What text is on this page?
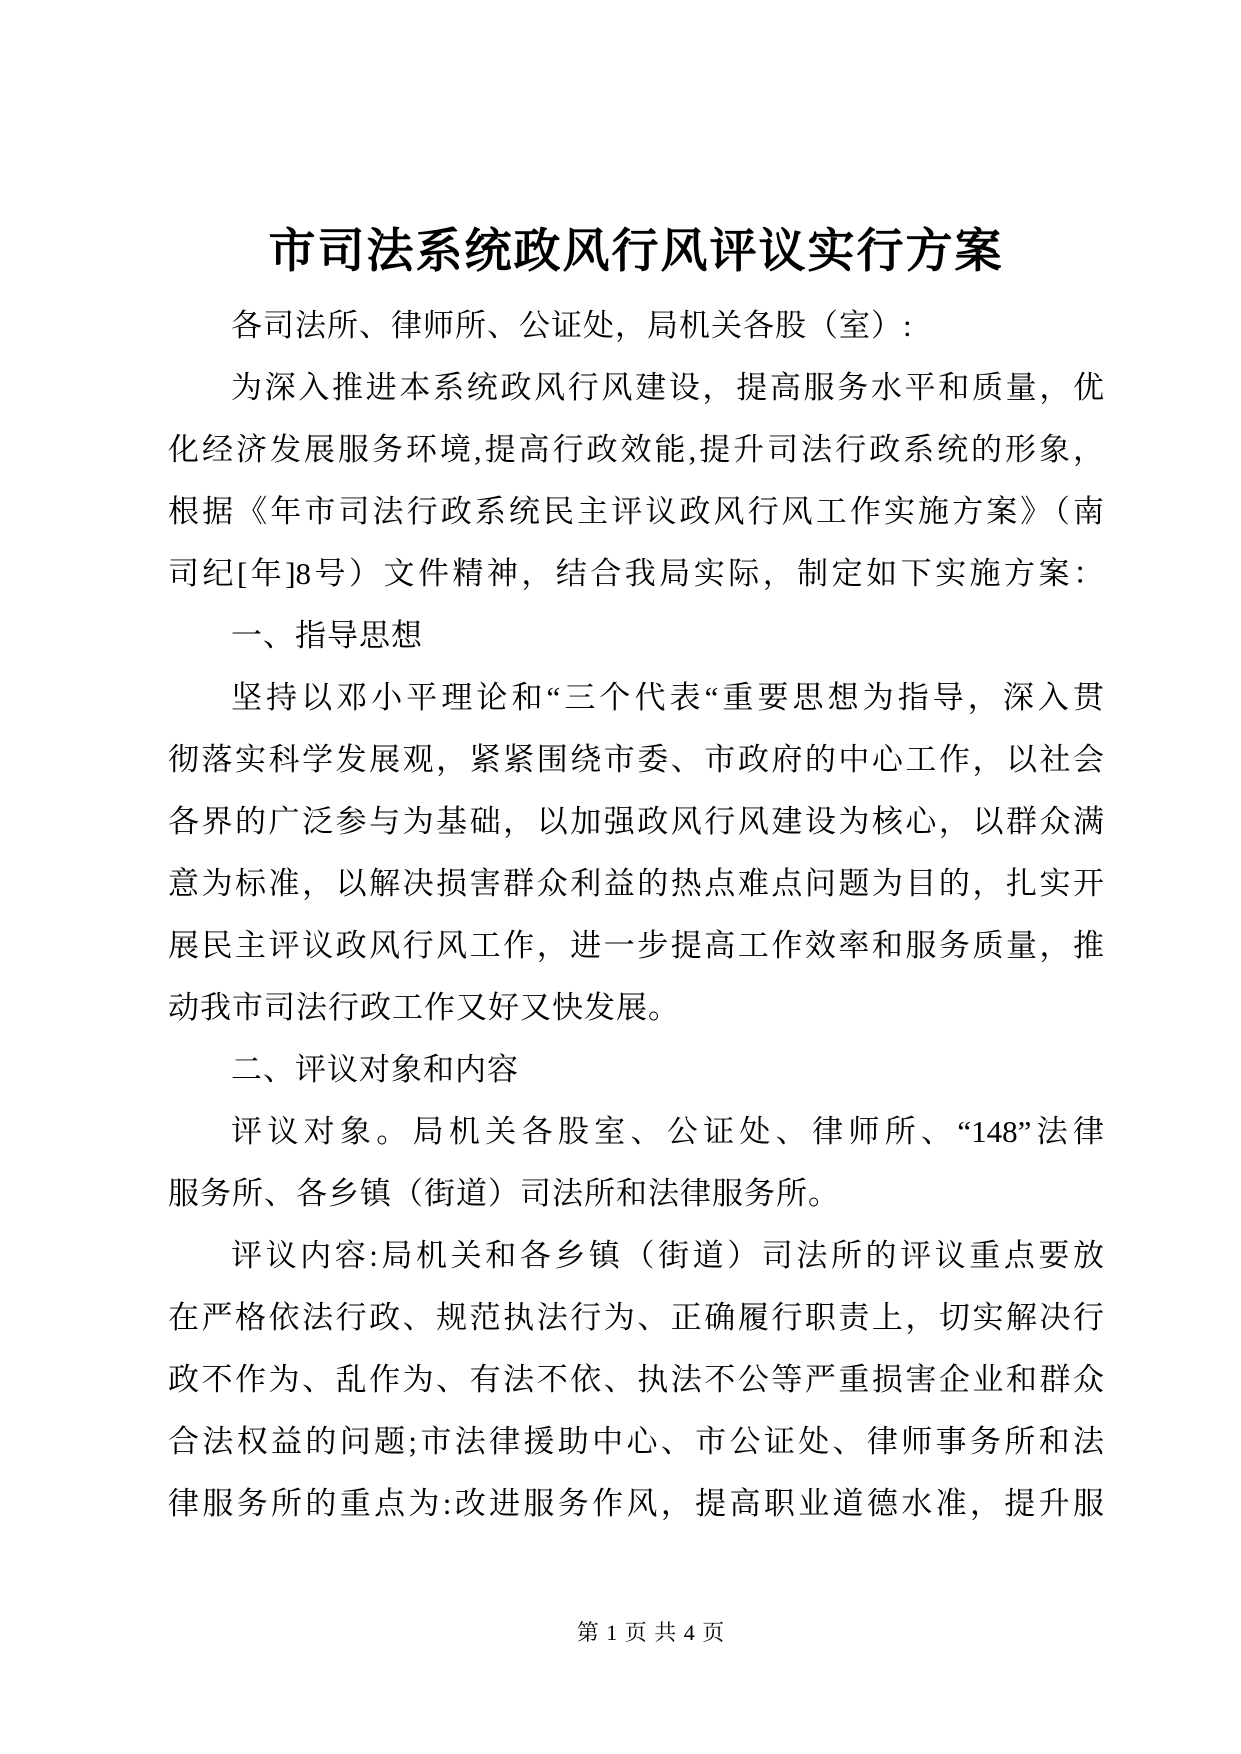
市司法系统政风行风评议实行方案
各司法所、律师所、公证处，局机关各股（室）:
为深入推进本系统政风行风建设，提高服务水平和质量，优
化经济发展服务环境,提高行政效能,提升司法行政系统的形象，
根据《年市司法行政系统民主评议政风行风工作实施方案》（南
司纪[年]8号）文件精神，结合我局实际，制定如下实施方案：
一、指导思想
坚持以邓小平理论和“三个代表“重要思想为指导，深入贯
彻落实科学发展观，紧紧围绕市委、市政府的中心工作，以社会
各界的广泛参与为基础，以加强政风行风建设为核心，以群众满
意为标准，以解决损害群众利益的热点难点问题为目的，扎实开
展民主评议政风行风工作，进一步提高工作效率和服务质量，推
动我市司法行政工作又好又快发展。
二、评议对象和内容
评议对象。局机关各股室、公证处、律师所、“148”法律
服务所、各乡镇（街道）司法所和法律服务所。
评议内容:局机关和各乡镇（街道）司法所的评议重点要放
在严格依法行政、规范执法行为、正确履行职责上，切实解决行
政不作为、乱作为、有法不依、执法不公等严重损害企业和群众
合法权益的问题;市法律援助中心、市公证处、律师事务所和法
律服务所的重点为:改进服务作风，提高职业道德水准，提升服
第 1 页 共 4 页
